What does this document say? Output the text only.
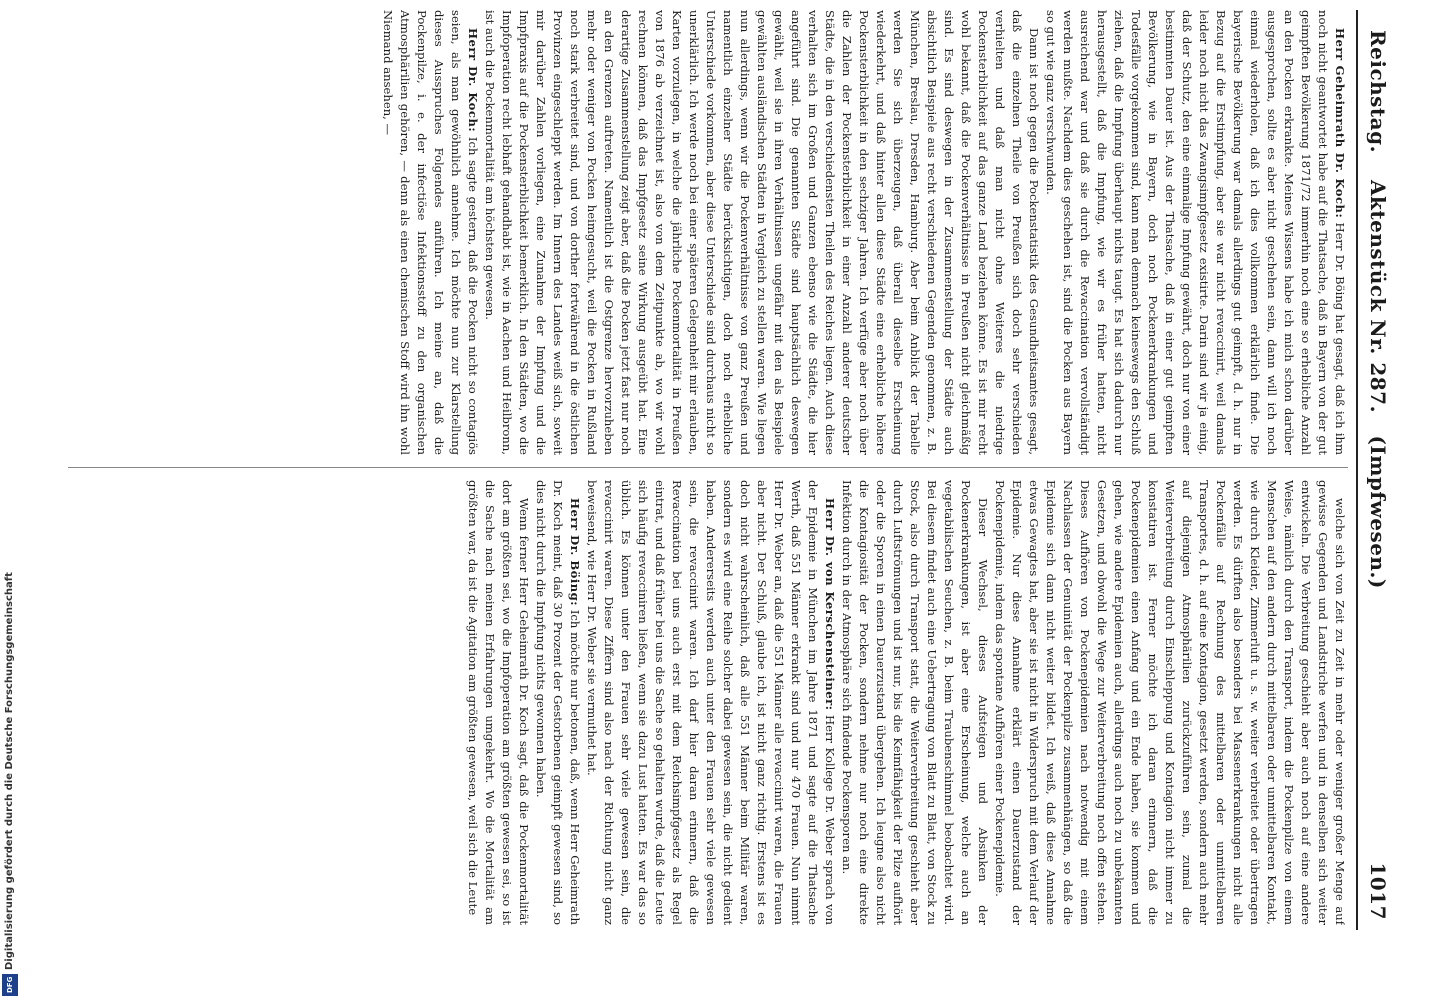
Digitalisierung gefördert durch die Deutsche Forschungsgemeinschaft
DFG
Reichstag.
Aktenstück Nr. 287.   (Impfwesen.)
1017

Herr Geheimrath Dr. Koch: Herr Dr. Böing hat gesagt, daß ich ihm noch nicht geantwortet habe auf die Thatsache, daß in Bayern von der gut geimpften Bevölkerung 1871/72 immerhin noch eine so erhebliche Anzahl an den Pocken erkrankte. Meines Wissens habe ich mich schon darüber ausgesprochen, sollte es aber nicht geschehen sein, dann will ich noch einmal wiederholen, daß ich dies vollkommen erklärlich finde. Die bayerische Bevölkerung war damals allerdings gut geimpft, d. h. nur in Bezug auf die Erstimpfung, aber sie war nicht revaccinirt, weil damals leider noch nicht das Zwangsimpfgesetz existirte. Darin sind wir ja einig, daß der Schutz, den eine einmalige Impfung gewährt, doch nur von einer bestimmten Dauer ist. Aus der Thatsache, daß in einer gut geimpften Bevölkerung, wie in Bayern, doch noch Pockenerkrankungen und Todesfälle vorgekommen sind, kann man demnach keineswegs den Schluß ziehen, daß die Impfung überhaupt nichts taugt. Es hat sich dadurch nur herausgestellt, daß die Impfung, wie wir es früher hatten, nicht ausreichend war und daß sie durch die Revaccination vervollständigt werden mußte. Nachdem dies geschehen ist, sind die Pocken aus Bayern so gut wie ganz verschwunden.

Dann ist noch gegen die Pockenstatistik des Gesundheitsamtes gesagt, daß die einzelnen Theile von Preußen sich doch sehr verschieden verhielten und daß man nicht ohne Weiteres die niedrige Pockensterblichkeit auf das ganze Land beziehen könne. Es ist mir recht wohl bekannt, daß die Pockenverhältnisse in Preußen nicht gleichmäßig sind. Es sind deswegen in der Zusammenstellung der Städte auch absichtlich Beispiele aus recht verschiedenen Gegenden genommen, z. B. München, Breslau, Dresden, Hamburg. Aber beim Anblick der Tabelle werden Sie sich überzeugen, daß überall dieselbe Erscheinung wiederkehrt, und daß hinter allen diese Städte eine erhebliche höhere Pockensterblichkeit in den sechziger Jahren. Ich verfüge aber noch über die Zahlen der Pockensterblichkeit in einer Anzahl anderer deutscher Städte, die in den verschiedensten Theilen des Reiches liegen. Auch diese verhalten sich im Großen und Ganzen ebenso wie die Städte, die hier angeführt sind. Die genannten Städte sind hauptsächlich deswegen gewählt, weil sie in ihren Verhältnissen ungefähr mit den als Beispiele gewählten ausländischen Städten in Vergleich zu stellen waren. Wie liegen nun allerdings, wenn wir die Pockenverhältnisse von ganz Preußen und namentlich einzelner Städte berücksichtigen, doch noch erhebliche Unterschiede vorkommen, aber diese Unterschiede sind durchaus nicht so unerklärlich. Ich werde noch bei einer späteren Gelegenheit mir erlauben, Karten vorzulegen, in welche die jährliche Pockenmortalität in Preußen von 1876 ab verzeichnet ist, also von dem Zeitpunkte ab, wo wir wohl rechnen können, daß das Impfgesetz seine Wirkung ausgeübt hat. Eine derartige Zusammenstellung zeigt aber, daß die Pocken jetzt fast nur noch an den Grenzen auftreten. Namentlich ist die Ostgrenze hervorzuheben mehr oder weniger von Pocken heimgesucht, weil die Pocken in Rußland noch stark verbreitet sind, und von dorther fortwährend in die östlichen Provinzen eingeschleppt werden. Im Innern des Landes weiß sich, soweit mir darüber Zahlen vorliegen, eine Zunahme der Impfung und die Impfpraxis auf die Pockensterblichkeit bemerklich. In den Städten, wo die Impfoperation recht lebhaft gehandhabt ist, wie in Aachen und Heilbronn, ist auch die Pockenmortalität am höchsten gewesen.

Herr Dr. Koch: Ich sagte gestern, daß die Pocken nicht so contagiös seien, als man gewöhnlich annehme. Ich möchte nun zur Klarstellung dieses Ausspruches Folgendes anführen. Ich meine an, daß die Pockenpilze, i. e. der infectiöse Infektionsstoff zu den organischen Atmosphärilien gehören, — denn als einen chemischen Stoff wird ihn wohl Niemand ansehen, —

welche sich von Zeit zu Zeit in mehr oder weniger großer Menge auf gewisse Gegenden und Landstriche werfen und in denselben sich weiter entwickeln. Die Verbreitung geschieht aber auch noch auf eine andere Weise, nämlich durch den Transport, indem die Pockenpilze von einem Menschen auf den andern durch mittelbaren oder unmittelbaren Kontakt, wie durch Kleider, Zimmerluft u. s. w. weiter verbreitet oder übertragen werden. Es dürften also besonders bei Massenerkrankungen nicht alle Pockenfälle auf Rechnung des mittelbaren oder unmittelbaren Transportes, d. h. auf eine Kontagion, gesetzt werden, sondern auch mehr auf diejenigen Atmosphärilien zurückzuführen sein, zumal die Weiterverbreitung durch Einschleppung und Kontagion nicht immer zu konstatiren ist. Ferner möchte ich daran erinnern, daß die Pockenepidemien einen Anfang und ein Ende haben, sie kommen und gehen, wie andere Epidemien auch, allerdings auch noch zu unbekannten Gesetzen, und obwohl die Wege zur Weiterverbreitung noch offen stehen. Dieses Aufhören von Pockenepidemien nach notwendig mit einem Nachlassen der Genuinität der Pockenpilze zusammenhängen, so daß die Epidemie sich dann nicht weiter bildet. Ich weiß, daß diese Annahme etwas Gewagtes hat, aber sie ist nicht in Widerspruch mit dem Verlauf der Epidemie. Nur diese Annahme erklärt einen Dauerzustand der Pockenepidemie, indem das spontane Aufhören einer Pockenepidemie.

Dieser Wechsel, dieses Aufsteigen und Absinken der Pockenerkrankungen, ist aber eine Erscheinung, welche auch an vegetabilischen Seuchen, z. B. beim Traubenschimmel beobachtet wird. Bei diesem findet auch eine Uebertragung von Blatt zu Blatt, von Stock zu Stock, also durch Transport statt, die Weiterverbreitung geschieht aber durch Luftströmungen und ist nur, bis die Keimfähigkeit der Pilze aufhört oder die Sporen in einen Dauerzustand übergehen. Ich leugne also nicht die Kontagiosität der Pocken, sondern nehme nur noch eine direkte Infektion durch in der Atmosphäre sich findende Pockensporen an.

Herr Dr. von Kerschensteiner: Herr Kollege Dr. Weber sprach von der Epidemie in München im Jahre 1871 und sagte auf die Thatsache Werth, daß 551 Männer erkrankt sind und nur 470 Frauen. Nun nimmt Herr Dr. Weber an, daß die 551 Männer alle revaccinirt waren, die Frauen aber nicht. Der Schluß, glaube ich, ist nicht ganz richtig. Erstens ist es doch nicht wahrscheinlich, daß alle 551 Männer beim Militär waren, sondern es wird eine Reihe solcher dabei gewesen sein, die nicht gedient haben. Andererseits werden auch unter den Frauen sehr viele gewesen sein, die revaccinirt waren. Ich darf hier daran erinnern, daß die Revaccination bei uns auch erst mit dem Reichsimpfgesetz als Regel eintrat, und daß früher bei uns die Sache so gehalten wurde, daß die Leute sich häufig revacciniren ließen, wenn sie dazu Lust hatten. Es war das so üblich. Es können unter den Frauen sehr viele gewesen sein, die revaccinirt waren. Diese Ziffern sind also nach der Richtung nicht ganz beweisend, wie Herr Dr. Weber sie vermuthet hat.

Herr Dr. Böing: Ich möchte nur betonen, daß, wenn Herr Geheimrath Dr. Koch meint, daß 30 Prozent der Gestorbenen geimpft gewesen sind, so dies nicht durch die Impfung nichts gewonnen haben.

Wenn ferner Herr Geheimrath Dr. Koch sagt, daß die Pockenmortalität dort am größten sei, wo die Impfoperation am größten gewesen sei, so ist die Sache nach meinen Erfahrungen umgekehrt. Wo die Mortalität am größten war, da ist die Agitation am größten gewesen, weil sich die Leute
